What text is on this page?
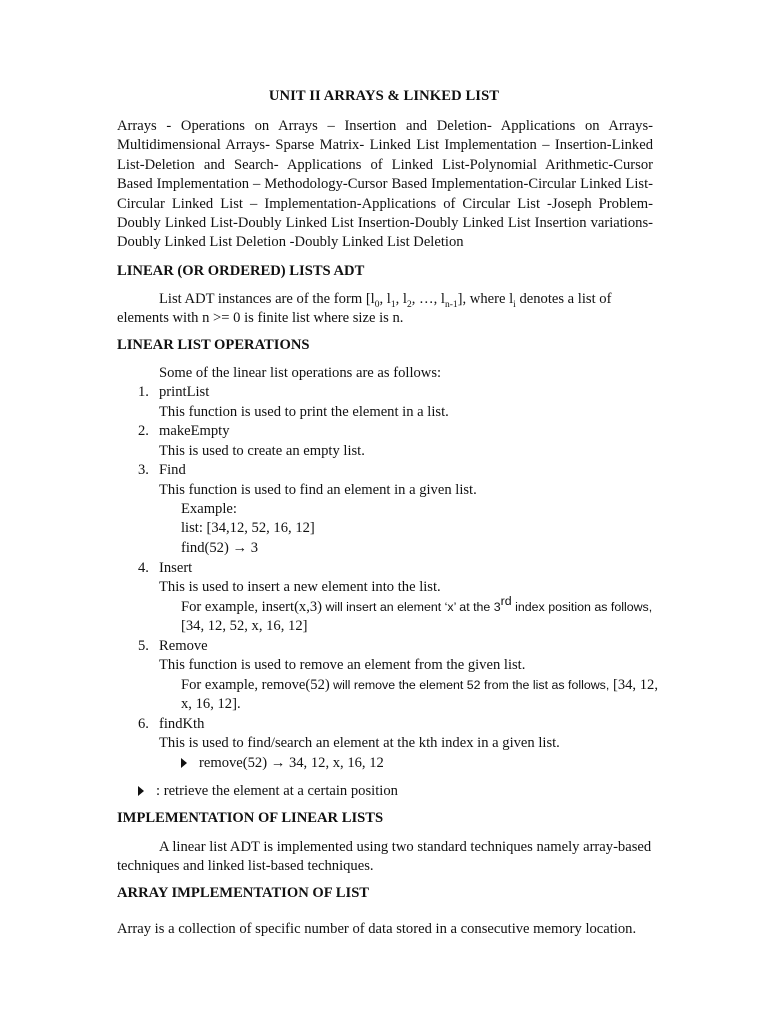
UNIT II ARRAYS & LINKED LIST
Arrays - Operations on Arrays – Insertion and Deletion- Applications on Arrays-Multidimensional Arrays- Sparse Matrix- Linked List Implementation – Insertion-Linked List-Deletion and Search- Applications of Linked List-Polynomial Arithmetic-Cursor Based Implementation – Methodology-Cursor Based Implementation-Circular Linked List-Circular Linked List – Implementation-Applications of Circular List -Joseph Problem-Doubly Linked List-Doubly Linked List Insertion-Doubly Linked List Insertion variations-Doubly Linked List Deletion -Doubly Linked List Deletion
LINEAR (OR ORDERED) LISTS ADT
List ADT instances are of the form [$l_0$, $l_1$, $l_2$, …, $l_{n-1}$], where $l_i$ denotes a list of
elements with n >= 0 is finite list where size is n.
LINEAR LIST OPERATIONS
Some of the linear list operations are as follows:
1. printList
This function is used to print the element in a list.
2. makeEmpty
This is used to create an empty list.
3. Find
This function is used to find an element in a given list.
Example:
list: [34,12, 52, 16, 12]
find(52) → 3
4. Insert
This is used to insert a new element into the list.
For example, insert(x,3) will insert an element ‘x’ at the 3rd index position as follows,
[34, 12, 52, x, 16, 12]
5. Remove
This function is used to remove an element from the given list.
For example, remove(52) will remove the element 52 from the list as follows, [34, 12,
x, 16, 12].
6. findKth
This is used to find/search an element at the kth index in a given list.
remove(52) → 34, 12, x, 16, 12
: retrieve the element at a certain position
IMPLEMENTATION OF LINEAR LISTS
A linear list ADT is implemented using two standard techniques namely array-based
techniques and linked list-based techniques.
ARRAY IMPLEMENTATION OF LIST
Array is a collection of specific number of data stored in a consecutive memory location.
